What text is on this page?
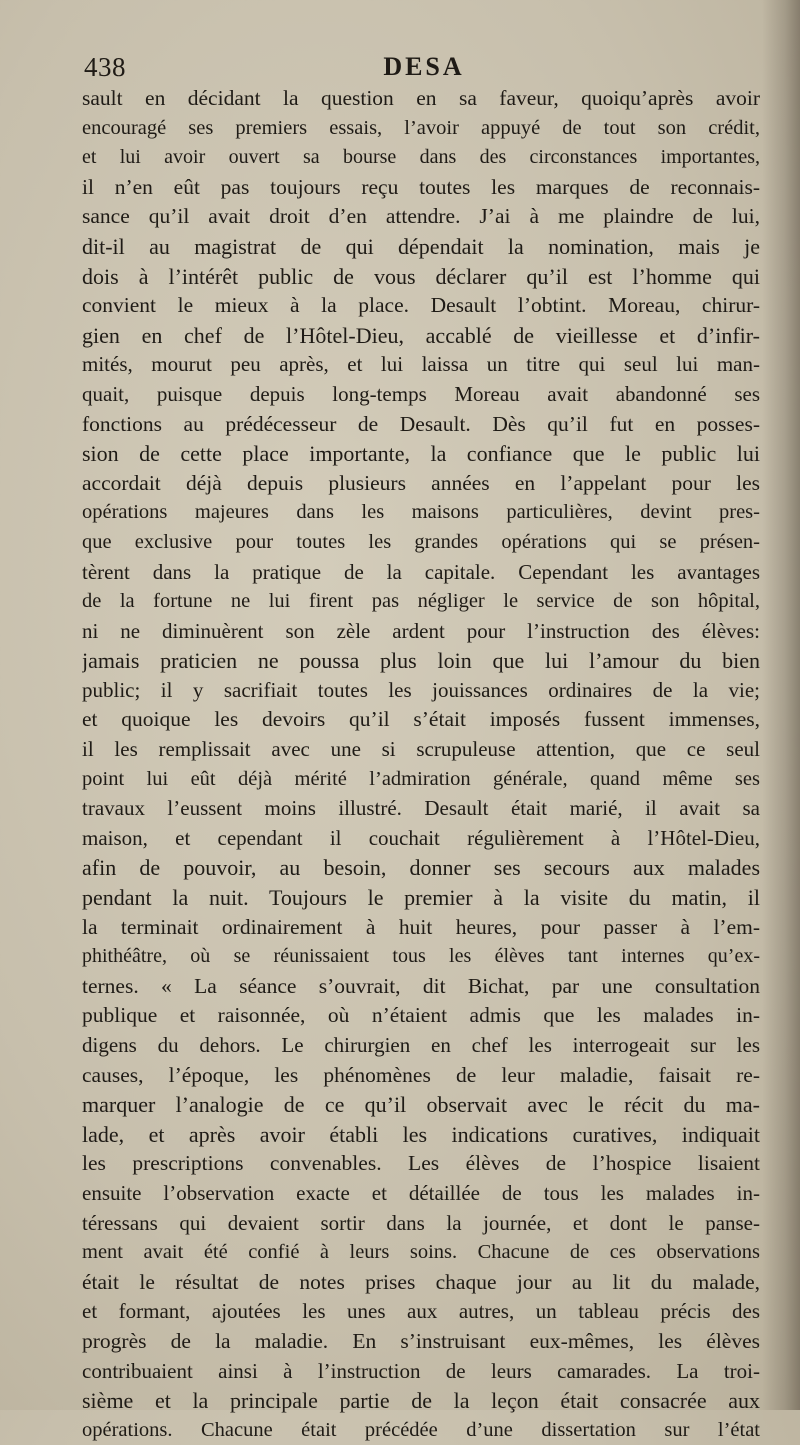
438	DESA
sault en décidant la question en sa faveur, quoiqu’après avoir
encouragé ses premiers essais, l’avoir appuyé de tout son crédit,
et lui avoir ouvert sa bourse dans des circonstances importantes,
il n’en eût pas toujours reçu toutes les marques de reconnais-
sance qu’il avait droit d’en attendre. J’ai à me plaindre de lui,
dit-il au magistrat de qui dépendait la nomination, mais je
dois à l’intérêt public de vous déclarer qu’il est l’homme qui
convient le mieux à la place. Desault l’obtint. Moreau, chirur-
gien en chef de l’Hôtel-Dieu, accablé de vieillesse et d’infir-
mités, mourut peu après, et lui laissa un titre qui seul lui man-
quait, puisque depuis long-temps Moreau avait abandonné ses
fonctions au prédécesseur de Desault. Dès qu’il fut en posses-
sion de cette place importante, la confiance que le public lui
accordait déjà depuis plusieurs années en l’appelant pour les
opérations majeures dans les maisons particulières, devint pres-
que exclusive pour toutes les grandes opérations qui se présen-
tèrent dans la pratique de la capitale. Cependant les avantages
de la fortune ne lui firent pas négliger le service de son hôpital,
ni ne diminuèrent son zèle ardent pour l’instruction des élèves:
jamais praticien ne poussa plus loin que lui l’amour du bien
public; il y sacrifiait toutes les jouissances ordinaires de la vie;
et quoique les devoirs qu’il s’était imposés fussent immenses,
il les remplissait avec une si scrupuleuse attention, que ce seul
point lui eût déjà mérité l’admiration générale, quand même ses
travaux l’eussent moins illustré. Desault était marié, il avait sa
maison, et cependant il couchait régulièrement à l’Hôtel-Dieu,
afin de pouvoir, au besoin, donner ses secours aux malades
pendant la nuit. Toujours le premier à la visite du matin, il
la terminait ordinairement à huit heures, pour passer à l’em-
phithéâtre, où se réunissaient tous les élèves tant internes qu’ex-
ternes. « La séance s’ouvrait, dit Bichat, par une consultation
publique et raisonnée, où n’étaient admis que les malades in-
digens du dehors. Le chirurgien en chef les interrogeait sur les
causes, l’époque, les phénomènes de leur maladie, faisait re-
marquer l’analogie de ce qu’il observait avec le récit du ma-
lade, et après avoir établi les indications curatives, indiquait
les prescriptions convenables. Les élèves de l’hospice lisaient
ensuite l’observation exacte et détaillée de tous les malades in-
téressans qui devaient sortir dans la journée, et dont le panse-
ment avait été confié à leurs soins. Chacune de ces observations
était le résultat de notes prises chaque jour au lit du malade,
et formant, ajoutées les unes aux autres, un tableau précis des
progrès de la maladie. En s’instruisant eux-mêmes, les élèves
contribuaient ainsi à l’instruction de leurs camarades. La troi-
sième et la principale partie de la leçon était consacrée aux
opérations. Chacune était précédée d’une dissertation sur l’état
